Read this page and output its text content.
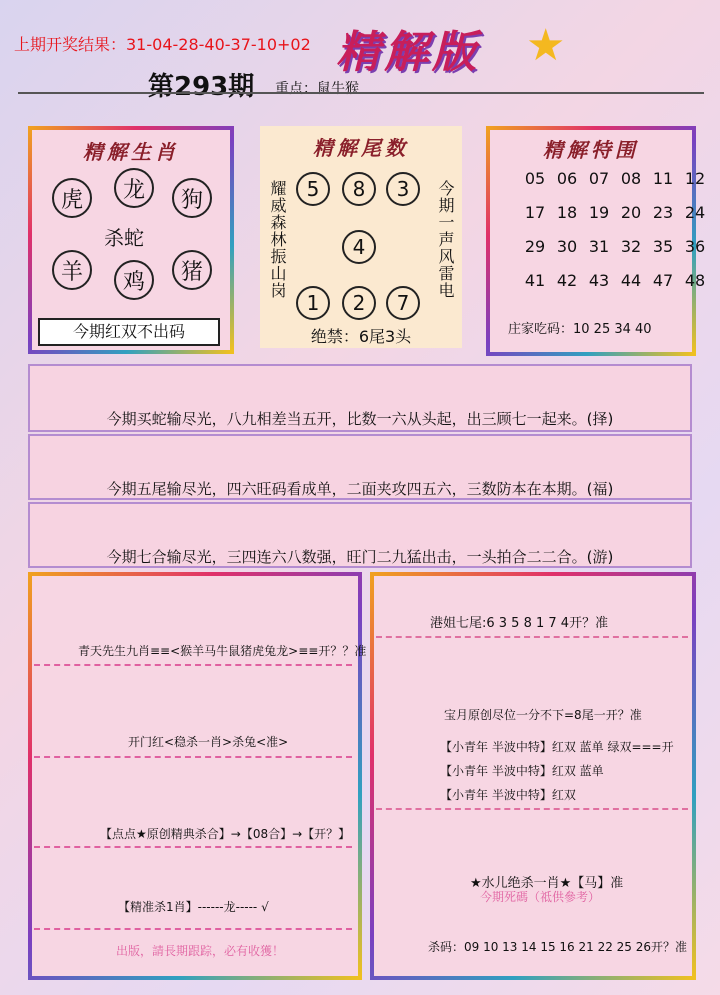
上期开奖结果：31-04-28-40-37-10+02
第293期 重点：鼠牛猴
精解版	★
精解生肖
虎	龙	狗
杀蛇
羊	鸡	猪
今期红双不出码
精解尾数
耀威森林振山岗
5	8	3
4
1	2	7
今期一声风雷电
绝禁：6尾3头
精解特围
05 06 07 08 11 12
17 18 19 20 23 24
29 30 31 32 35 36
41 42 43 44 47 48
庄家吃码：10 25 34 40
今期买蛇输尽光，八九相差当五开，比数一六从头起，出三顾七一起来。(择)
今期五尾输尽光，四六旺码看成单，二面夹攻四五六，三数防本在本期。(福)
今期七合输尽光，三四连六八数强，旺门二九猛出击，一头拍合二二合。(游)
青天先生九肖≡≡<猴羊马牛鼠猪虎兔龙>≡≡开？？准
开门红<稳杀一肖>杀兔<准>
【点点★原创精典杀合】→【08合】→【开？】
【精准杀1肖】------龙----- √
出版，請長期跟踪，必有收獲！
港姐七尾:6 3 5 8 1 7 4开？准
宝月原创尽位一分不下=8尾一开？准
【小青年 半波中特】红双 蓝单 绿双===开
【小青年 半波中特】红双 蓝单
【小青年 半波中特】红双
★水儿绝杀一肖★【马】准
今期死碼（祗供參考）
杀码：09 10 13 14 15 16 21 22 25 26开？准
